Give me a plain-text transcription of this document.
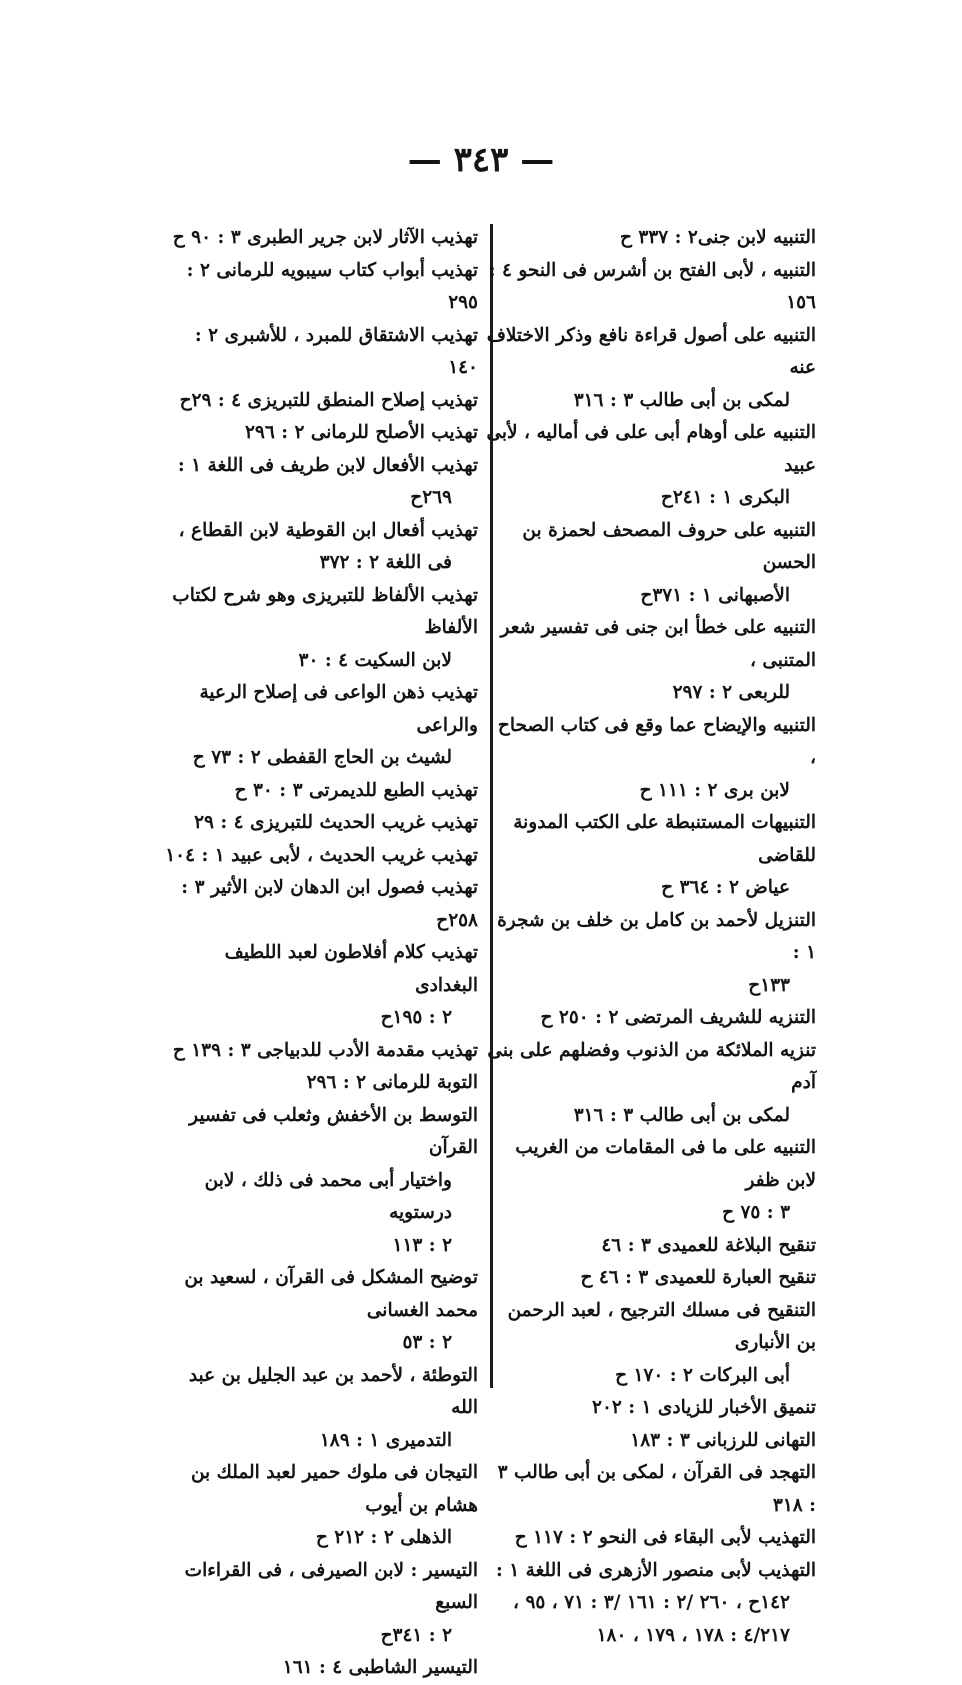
— ٣٤٣ —

التنبيه لابن جنى٢ : ٣٣٧ ح

التنبيه ، لأبى الفتح بن أشرس فى النحو ٤ : ١٥٦

التنبيه على أصول قراءة نافع وذكر الاختلاف عنه
لمكى بن أبى طالب ٣ : ٣١٦

التنبيه على أوهام أبى على فى أماليه ، لأبى عبيد
البكرى ١ : ٢٤١ح

التنبيه على حروف المصحف لحمزة بن الحسن
الأصبهانى ١ : ٣٧١ح

التنبيه على خطأ ابن جنى فى تفسير شعر المتنبى ،
للربعى ٢ : ٢٩٧

التنبيه والإيضاح عما وقع فى كتاب الصحاح ،
لابن برى ٢ : ١١١ ح

التنبيهات المستنبطة على الكتب المدونة للقاضى
عياض ٢ : ٣٦٤ ح

التنزيل لأحمد بن كامل بن خلف بن شجرة ١ :
١٣٣ح

التنزيه للشريف المرتضى ٢ : ٢٥٠ ح

تنزيه الملائكة من الذنوب وفضلهم على بنى آدم
لمكى بن أبى طالب ٣ : ٣١٦

التنبيه على ما فى المقامات من الغريب لابن ظفر
٣ : ٧٥ ح

تنقيح البلاغة للعميدى ٣ : ٤٦

تنقيح العبارة للعميدى ٣ : ٤٦ ح

التنقيح فى مسلك الترجيح ، لعبد الرحمن بن الأنبارى
أبى البركات ٢ : ١٧٠ ح

تنميق الأخبار للزيادى ١ : ٢٠٢

التهانى للرزبانى ٣ : ١٨٣

التهجد فى القرآن ، لمكى بن أبى طالب ٣ : ٣١٨

التهذيب لأبى البقاء فى النحو ٢ : ١١٧ ح

التهذيب لأبى منصور الأزهرى فى اللغة ١ :
١٤٢ح ، ٢٦٠ /٢ : ١٦١ /٣ : ٧١ ، ٩٥ ،

٤/٢١٧ : ١٧٨ ، ١٧٩ ، ١٨٠

تهذيب الآثار لابن جرير الطبرى ٣ : ٩٠ ح

تهذيب أبواب كتاب سيبويه للرمانى ٢ : ٢٩٥

تهذيب الاشتقاق للمبرد ، للأشبرى ٢ : ١٤٠

تهذيب إصلاح المنطق للتبريزى ٤ : ٢٩ح

تهذيب الأصلح للرمانى ٢ : ٢٩٦

تهذيب الأفعال لابن طريف فى اللغة ١ :
٢٦٩ح

تهذيب أفعال ابن القوطية لابن القطاع ،
فى اللغة ٢ : ٣٧٢

تهذيب الألفاظ للتبريزى وهو شرح لكتاب الألفاظ
لابن السكيت ٤ : ٣٠

تهذيب ذهن الواعى فى إصلاح الرعية والراعى
لشيث بن الحاج القفطى ٢ : ٧٣ ح

تهذيب الطبع للديمرتى ٣ : ٣٠ ح

تهذيب غريب الحديث للتبريزى ٤ : ٢٩

تهذيب غريب الحديث ، لأبى عبيد ١ : ١٠٤

تهذيب فصول ابن الدهان لابن الأثير ٣ : ٢٥٨ح

تهذيب كلام أفلاطون لعبد اللطيف البغدادى
٢ : ١٩٥ح

تهذيب مقدمة الأدب للدبياجى ٣ : ١٣٩ ح

التوبة للرمانى ٢ : ٢٩٦

التوسط بن الأخفش وثعلب فى تفسير القرآن
واختيار أبى محمد فى ذلك ، لابن درستويه

٢ : ١١٣

توضيح المشكل فى القرآن ، لسعيد بن محمد الغسانى
٢ : ٥٣

التوطئة ، لأحمد بن عبد الجليل بن عبد الله
التدميرى ١ : ١٨٩

التيجان فى ملوك حمير لعبد الملك بن هشام بن أيوب
الذهلى ٢ : ٢١٢ ح

التيسير : لابن الصيرفى ، فى القراءات السبع
٢ : ٣٤١ح

التيسير الشاطبى ٤ : ١٦١
